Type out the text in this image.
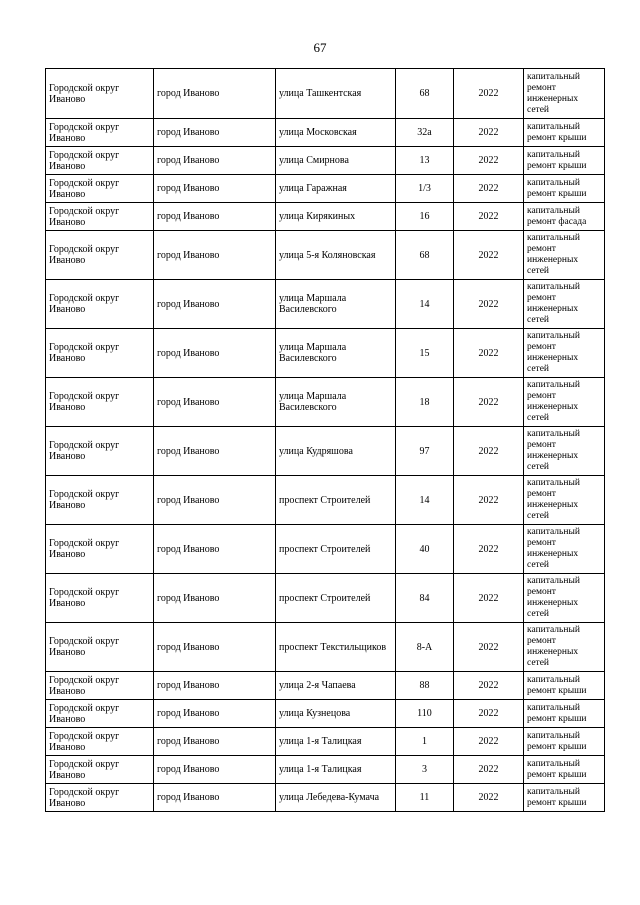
67
Городской округ Иваново	город Иваново	улица Ташкентская	68	2022	капитальный ремонт инженерных сетей
Городской округ Иваново	город Иваново	улица Московская	32а	2022	капитальный ремонт крыши
Городской округ Иваново	город Иваново	улица Смирнова	13	2022	капитальный ремонт крыши
Городской округ Иваново	город Иваново	улица Гаражная	1/3	2022	капитальный ремонт крыши
Городской округ Иваново	город Иваново	улица Кирякиных	16	2022	капитальный ремонт фасада
Городской округ Иваново	город Иваново	улица 5-я Коляновская	68	2022	капитальный ремонт инженерных сетей
Городской округ Иваново	город Иваново	улица Маршала Василевского	14	2022	капитальный ремонт инженерных сетей
Городской округ Иваново	город Иваново	улица Маршала Василевского	15	2022	капитальный ремонт инженерных сетей
Городской округ Иваново	город Иваново	улица Маршала Василевского	18	2022	капитальный ремонт инженерных сетей
Городской округ Иваново	город Иваново	улица Кудряшова	97	2022	капитальный ремонт инженерных сетей
Городской округ Иваново	город Иваново	проспект Строителей	14	2022	капитальный ремонт инженерных сетей
Городской округ Иваново	город Иваново	проспект Строителей	40	2022	капитальный ремонт инженерных сетей
Городской округ Иваново	город Иваново	проспект Строителей	84	2022	капитальный ремонт инженерных сетей
Городской округ Иваново	город Иваново	проспект Текстильщиков	8-А	2022	капитальный ремонт инженерных сетей
Городской округ Иваново	город Иваново	улица 2-я Чапаева	88	2022	капитальный ремонт крыши
Городской округ Иваново	город Иваново	улица Кузнецова	110	2022	капитальный ремонт крыши
Городской округ Иваново	город Иваново	улица 1-я Талицкая	1	2022	капитальный ремонт крыши
Городской округ Иваново	город Иваново	улица 1-я Талицкая	3	2022	капитальный ремонт крыши
Городской округ Иваново	город Иваново	улица Лебедева-Кумача	11	2022	капитальный ремонт крыши
